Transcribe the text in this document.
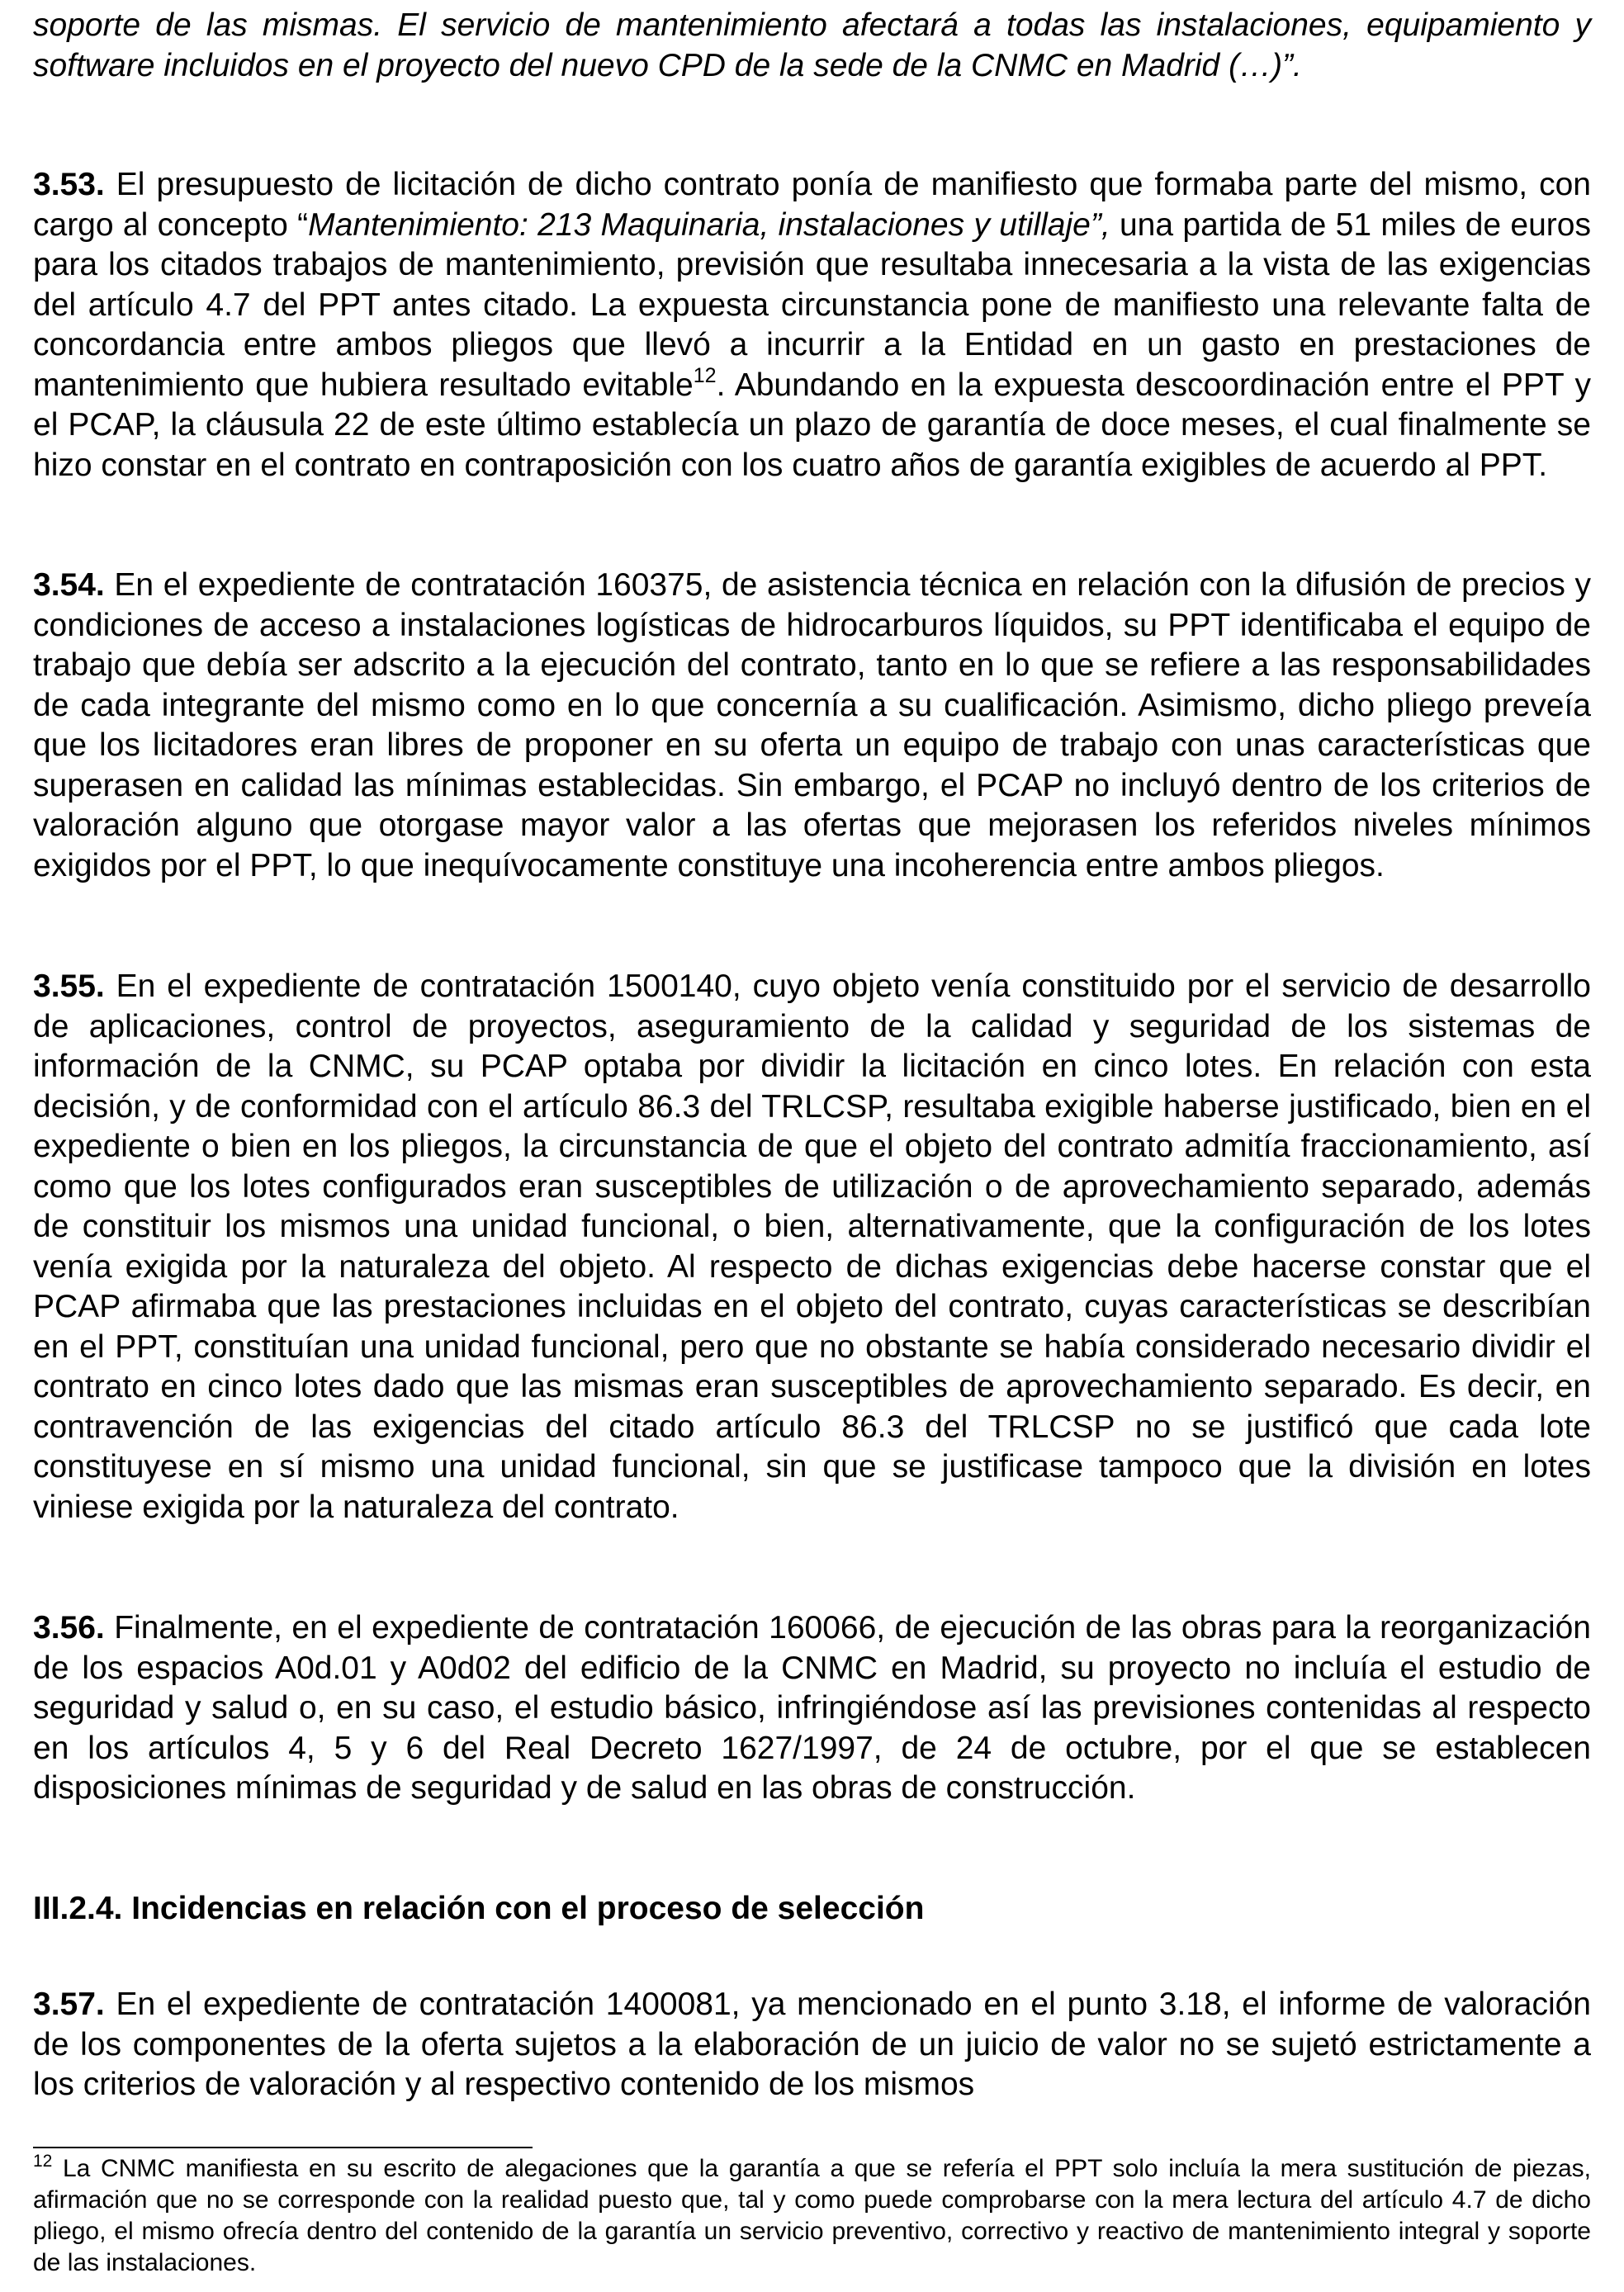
soporte de las mismas. El servicio de mantenimiento afectará a todas las instalaciones, equipamiento y software incluidos en el proyecto del nuevo CPD de la sede de la CNMC en Madrid (…)”.

3.53. El presupuesto de licitación de dicho contrato ponía de manifiesto que formaba parte del mismo, con cargo al concepto “Mantenimiento: 213 Maquinaria, instalaciones y utillaje”, una partida de 51 miles de euros para los citados trabajos de mantenimiento, previsión que resultaba innecesaria a la vista de las exigencias del artículo 4.7 del PPT antes citado. La expuesta circunstancia pone de manifiesto una relevante falta de concordancia entre ambos pliegos que llevó a incurrir a la Entidad en un gasto en prestaciones de mantenimiento que hubiera resultado evitable$^{12}$. Abundando en la expuesta descoordinación entre el PPT y el PCAP, la cláusula 22 de este último establecía un plazo de garantía de doce meses, el cual finalmente se hizo constar en el contrato en contraposición con los cuatro años de garantía exigibles de acuerdo al PPT.

3.54. En el expediente de contratación 160375, de asistencia técnica en relación con la difusión de precios y condiciones de acceso a instalaciones logísticas de hidrocarburos líquidos, su PPT identificaba el equipo de trabajo que debía ser adscrito a la ejecución del contrato, tanto en lo que se refiere a las responsabilidades de cada integrante del mismo como en lo que concernía a su cualificación. Asimismo, dicho pliego preveía que los licitadores eran libres de proponer en su oferta un equipo de trabajo con unas características que superasen en calidad las mínimas establecidas. Sin embargo, el PCAP no incluyó dentro de los criterios de valoración alguno que otorgase mayor valor a las ofertas que mejorasen los referidos niveles mínimos exigidos por el PPT, lo que inequívocamente constituye una incoherencia entre ambos pliegos.

3.55. En el expediente de contratación 1500140, cuyo objeto venía constituido por el servicio de desarrollo de aplicaciones, control de proyectos, aseguramiento de la calidad y seguridad de los sistemas de información de la CNMC, su PCAP optaba por dividir la licitación en cinco lotes. En relación con esta decisión, y de conformidad con el artículo 86.3 del TRLCSP, resultaba exigible haberse justificado, bien en el expediente o bien en los pliegos, la circunstancia de que el objeto del contrato admitía fraccionamiento, así como que los lotes configurados eran susceptibles de utilización o de aprovechamiento separado, además de constituir los mismos una unidad funcional, o bien, alternativamente, que la configuración de los lotes venía exigida por la naturaleza del objeto. Al respecto de dichas exigencias debe hacerse constar que el PCAP afirmaba que las prestaciones incluidas en el objeto del contrato, cuyas características se describían en el PPT, constituían una unidad funcional, pero que no obstante se había considerado necesario dividir el contrato en cinco lotes dado que las mismas eran susceptibles de aprovechamiento separado. Es decir, en contravención de las exigencias del citado artículo 86.3 del TRLCSP no se justificó que cada lote constituyese en sí mismo una unidad funcional, sin que se justificase tampoco que la división en lotes viniese exigida por la naturaleza del contrato.

3.56. Finalmente, en el expediente de contratación 160066, de ejecución de las obras para la reorganización de los espacios A0d.01 y A0d02 del edificio de la CNMC en Madrid, su proyecto no incluía el estudio de seguridad y salud o, en su caso, el estudio básico, infringiéndose así las previsiones contenidas al respecto en los artículos 4, 5 y 6 del Real Decreto 1627/1997, de 24 de octubre, por el que se establecen disposiciones mínimas de seguridad y de salud en las obras de construcción.

III.2.4. Incidencias en relación con el proceso de selección

3.57. En el expediente de contratación 1400081, ya mencionado en el punto 3.18, el informe de valoración de los componentes de la oferta sujetos a la elaboración de un juicio de valor no se sujetó estrictamente a los criterios de valoración y al respectivo contenido de los mismos

$^{12}$ La CNMC manifiesta en su escrito de alegaciones que la garantía a que se refería el PPT solo incluía la mera sustitución de piezas, afirmación que no se corresponde con la realidad puesto que, tal y como puede comprobarse con la mera lectura del artículo 4.7 de dicho pliego, el mismo ofrecía dentro del contenido de la garantía un servicio preventivo, correctivo y reactivo de mantenimiento integral y soporte de las instalaciones.
